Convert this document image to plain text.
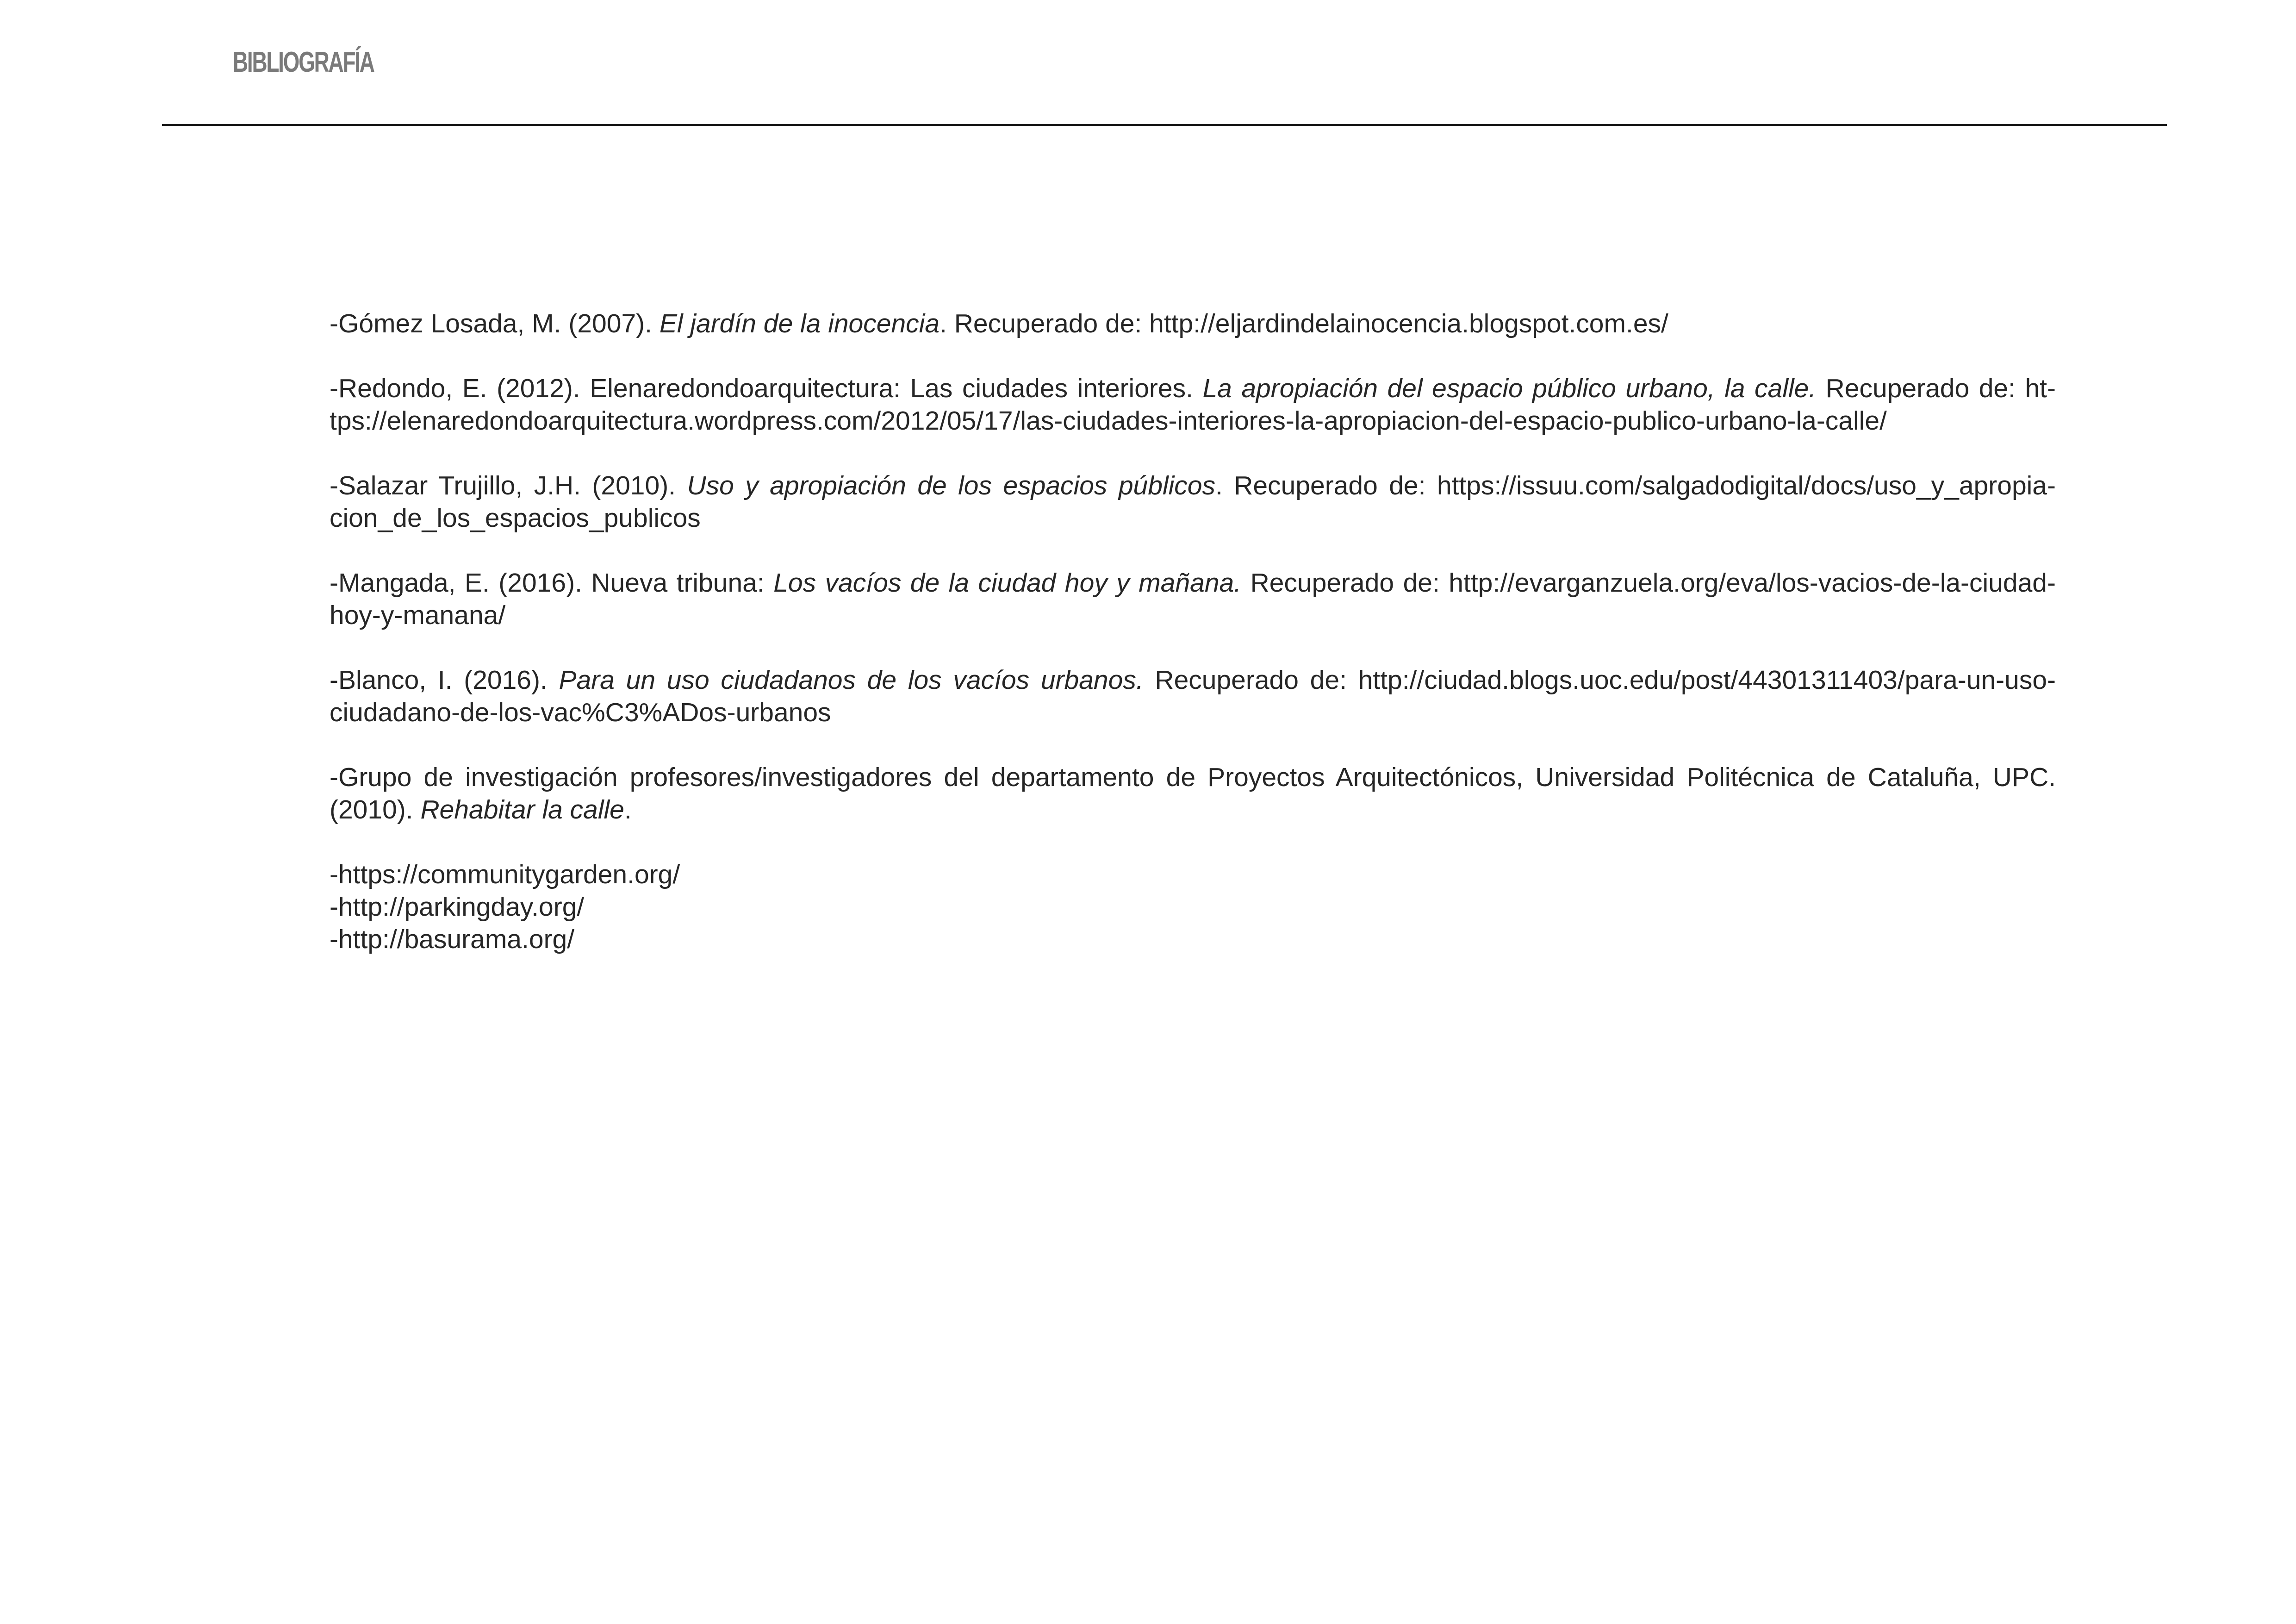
BIBLIOGRAFÍA

-Gómez Losada, M. (2007). El jardín de la inocencia. Recuperado de: http://eljardindelainocencia.blogspot.com.es/

-Redondo, E. (2012). Elenaredondoarquitectura: Las ciudades interiores. La apropiación del espacio público urbano, la calle. Recuperado de: https://elenaredondoarquitectura.wordpress.com/2012/05/17/las-ciudades-interiores-la-apropiacion-del-espacio-publico-urbano-la-calle/

-Salazar Trujillo, J.H. (2010). Uso y apropiación de los espacios públicos. Recuperado de: https://issuu.com/salgadodigital/docs/uso_y_apropiacion_de_los_espacios_publicos

-Mangada, E. (2016). Nueva tribuna: Los vacíos de la ciudad hoy y mañana. Recuperado de: http://evarganzuela.org/eva/los-vacios-de-la-ciudad-hoy-y-manana/

-Blanco, I. (2016). Para un uso ciudadanos de los vacíos urbanos. Recuperado de: http://ciudad.blogs.uoc.edu/post/44301311403/para-un-uso-ciudadano-de-los-vac%C3%ADos-urbanos

-Grupo de investigación profesores/investigadores del departamento de Proyectos Arquitectónicos, Universidad Politécnica de Cataluña, UPC. (2010). Rehabitar la calle.

-https://communitygarden.org/
-http://parkingday.org/
-http://basurama.org/
